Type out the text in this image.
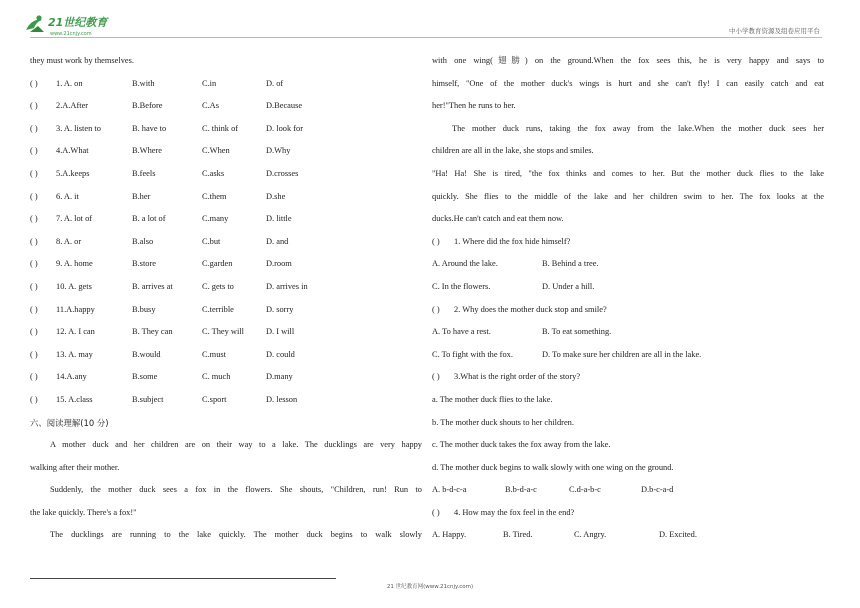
21世纪教育
www.21cnjy.com	中小学教育资源及组卷应用平台
they must work by themselves.
( ) 1. A. on	B.with	C.in	D. of
( ) 2.A.After	B.Before	C.As	D.Because
( ) 3. A. listen to	B. have to	C. think of	D. look for
( ) 4.A.What	B.Where	C.When	D.Why
( ) 5.A.keeps	B.feels	C.asks	D.crosses
( ) 6. A. it	B.her	C.them	D.she
( ) 7. A. lot of	B. a lot of	C.many	D. little
( ) 8. A. or	B.also	C.but	D. and
( ) 9. A. home	B.store	C.garden	D.room
( ) 10. A. gets	B. arrives at	C. gets to	D. arrives in
( ) 11.A.happy	B.busy	C.terrible	D. sorry
( ) 12. A. I can	B. They can	C. They will	D. I will
( ) 13. A. may	B.would	C.must	D. could
( ) 14.A.any	B.some	C. much	D.many
( ) 15. A.class	B.subject	C.sport	D. lesson
六、阅读理解(10 分)
A mother duck and her children are on their way to a lake. The ducklings are very happy
walking after their mother.
Suddenly, the mother duck sees a fox in the flowers. She shouts, "Children, run! Run to
the lake quickly. There's a fox!"
The ducklings are running to the lake quickly. The mother duck begins to walk slowly
with one wing(翅膀) on the ground.When the fox sees this, he is very happy and says to
himself, "One of the mother duck's wings is hurt and she can't fly! I can easily catch and eat
her!"Then he runs to her.
The mother duck runs, taking the fox away from the lake.When the mother duck sees her
children are all in the lake, she stops and smiles.
"Ha! Ha! She is tired, "the fox thinks and comes to her. But the mother duck flies to the lake
quickly. She flies to the middle of the lake and her children swim to her. The fox looks at the
ducks.He can't catch and eat them now.
( ) 1. Where did the fox hide himself?
A. Around the lake.	B. Behind a tree.
C. In the flowers.	D. Under a hill.
( ) 2. Why does the mother duck stop and smile?
A. To have a rest.	B. To eat something.
C. To fight with the fox.	D. To make sure her children are all in the lake.
( ) 3.What is the right order of the story?
a. The mother duck flies to the lake.
b. The mother duck shouts to her children.
c. The mother duck takes the fox away from the lake.
d. The mother duck begins to walk slowly with one wing on the ground.
A. b-d-c-a	B.b-d-a-c	C.d-a-b-c	D.b-c-a-d
( ) 4. How may the fox feel in the end?
A. Happy.	B. Tired.	C. Angry.	D. Excited.
21 世纪教育网(www.21cnjy.com)
